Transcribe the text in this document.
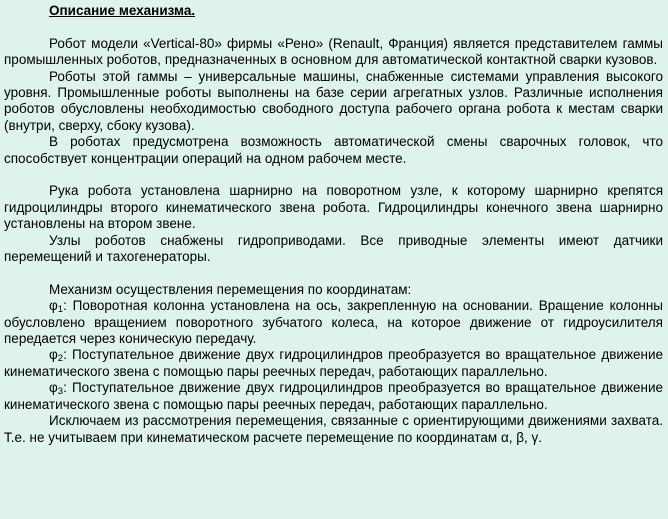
Описание механизма.

Робот модели «Vertical-80» фирмы «Рено» (Renault, Франция) является представителем гаммы промышленных роботов, предназначенных в основном для автоматической контактной сварки кузовов.

Роботы этой гаммы – универсальные машины, снабженные системами управления высокого уровня. Промышленные роботы выполнены на базе серии агрегатных узлов. Различные исполнения роботов обусловлены необходимостью свободного доступа рабочего органа робота к местам сварки (внутри, сверху, сбоку кузова).

В роботах предусмотрена возможность автоматической смены сварочных головок, что способствует концентрации операций на одном рабочем месте.

Рука робота установлена шарнирно на поворотном узле, к которому шарнирно крепятся гидроцилиндры второго кинематического звена робота. Гидроцилиндры конечного звена шарнирно установлены на втором звене.

Узлы роботов снабжены гидроприводами. Все приводные элементы имеют датчики перемещений и тахогенераторы.

Механизм осуществления перемещения по координатам:

$\varphi_1$: Поворотная колонна установлена на ось, закрепленную на основании. Вращение колонны обусловлено вращением поворотного зубчатого колеса, на которое движение от гидроусилителя передается через коническую передачу.

$\varphi_2$: Поступательное движение двух гидроцилиндров преобразуется во вращательное движение кинематического звена с помощью пары реечных передач, работающих параллельно.

$\varphi_3$: Поступательное движение двух гидроцилиндров преобразуется во вращательное движение кинематического звена с помощью пары реечных передач, работающих параллельно.

Исключаем из рассмотрения перемещения, связанные с ориентирующими движениями захвата. Т.е. не учитываем при кинематическом расчете перемещение по координатам α, β, γ.
